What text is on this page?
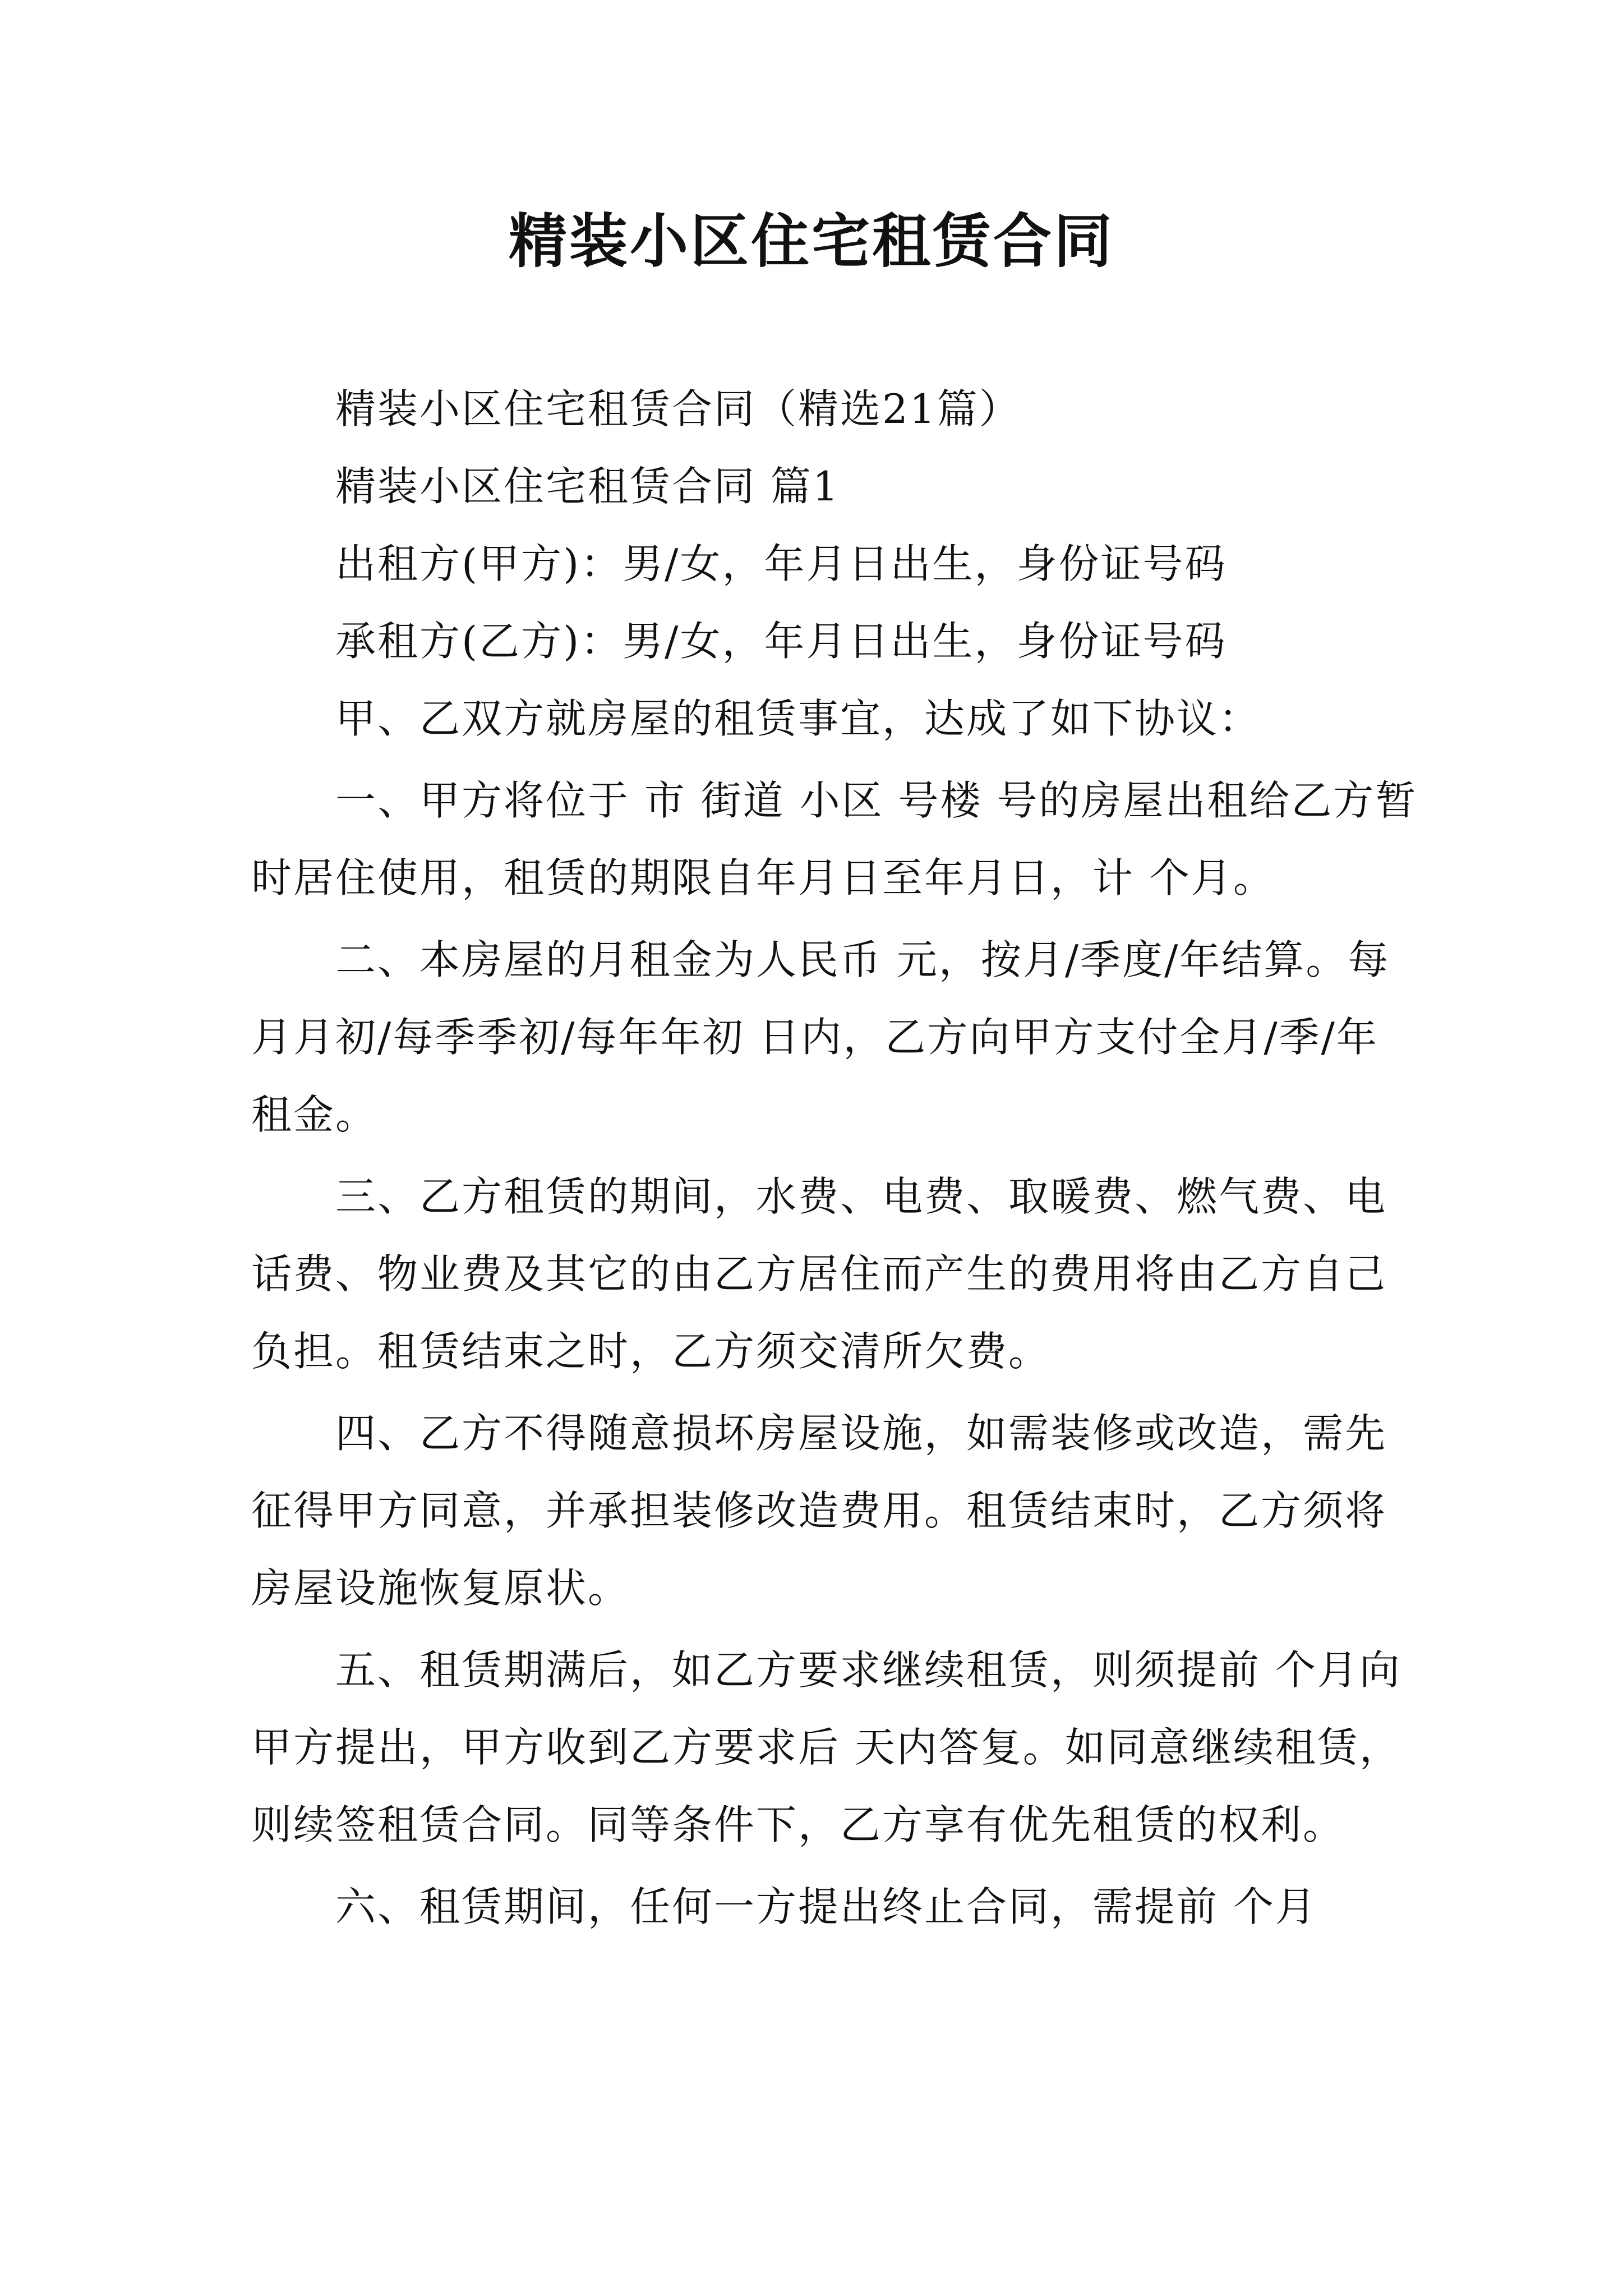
精装小区住宅租赁合同

精装小区住宅租赁合同（精选21篇）

精装小区住宅租赁合同 篇1

出租方(甲方)：男/女，年月日出生，身份证号码

承租方(乙方)：男/女，年月日出生，身份证号码

甲、乙双方就房屋的租赁事宜，达成了如下协议：

一、甲方将位于 市 街道 小区 号楼 号的房屋出租给乙方暂时居住使用，租赁的期限自年月日至年月日，计 个月。

二、本房屋的月租金为人民币 元，按月/季度/年结算。每月月初/每季季初/每年年初 日内，乙方向甲方支付全月/季/年租金。

三、乙方租赁的期间，水费、电费、取暖费、燃气费、电话费、物业费及其它的由乙方居住而产生的费用将由乙方自己负担。租赁结束之时，乙方须交清所欠费。

四、乙方不得随意损坏房屋设施，如需装修或改造，需先征得甲方同意，并承担装修改造费用。租赁结束时，乙方须将房屋设施恢复原状。

五、租赁期满后，如乙方要求继续租赁，则须提前 个月向甲方提出，甲方收到乙方要求后 天内答复。如同意继续租赁，则续签租赁合同。同等条件下，乙方享有优先租赁的权利。

六、租赁期间，任何一方提出终止合同，需提前 个月
